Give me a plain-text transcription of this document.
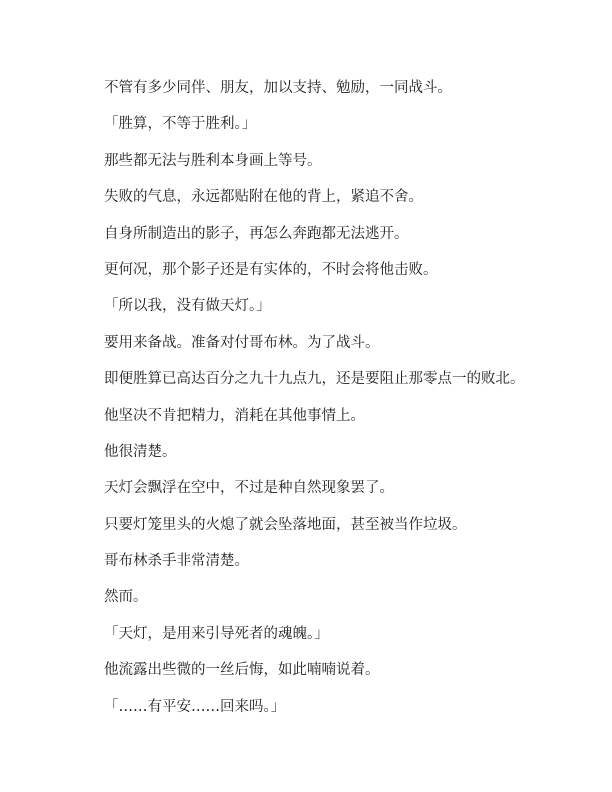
不管有多少同伴、朋友，加以支持、勉励，一同战斗。

「胜算，不等于胜利。」

那些都无法与胜利本身画上等号。

失败的气息，永远都贴附在他的背上，紧追不舍。

自身所制造出的影子，再怎么奔跑都无法逃开。

更何况，那个影子还是有实体的，不时会将他击败。

「所以我，没有做天灯。」

要用来备战。准备对付哥布林。为了战斗。

即便胜算已高达百分之九十九点九，还是要阻止那零点一的败北。

他坚决不肯把精力，消耗在其他事情上。

他很清楚。

天灯会飘浮在空中，不过是种自然现象罢了。

只要灯笼里头的火熄了就会坠落地面，甚至被当作垃圾。

哥布林杀手非常清楚。

然而。

「天灯，是用来引导死者的魂魄。」

他流露出些微的一丝后悔，如此喃喃说着。

「……有平安……回来吗。」
